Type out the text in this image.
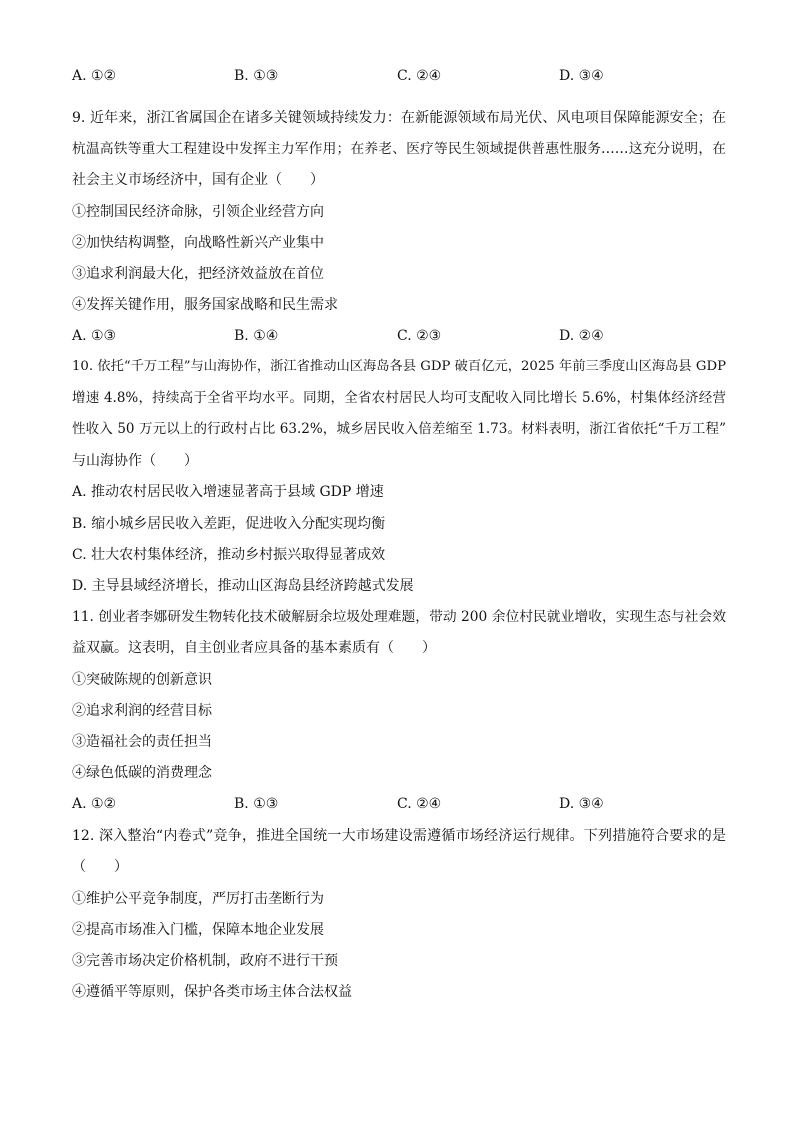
A. ①②	B. ①③	C. ②④	D. ③④
9. 近年来，浙江省属国企在诸多关键领域持续发力：在新能源领域布局光伏、风电项目保障能源安全；在
杭温高铁等重大工程建设中发挥主力军作用；在养老、医疗等民生领域提供普惠性服务……这充分说明，在
社会主义市场经济中，国有企业（　　）
①控制国民经济命脉，引领企业经营方向
②加快结构调整，向战略性新兴产业集中
③追求利润最大化，把经济效益放在首位
④发挥关键作用，服务国家战略和民生需求
A. ①③	B. ①④	C. ②③	D. ②④
10. 依托“千万工程”与山海协作，浙江省推动山区海岛各县 GDP 破百亿元，2025 年前三季度山区海岛县 GDP
增速 4.8%，持续高于全省平均水平。同期，全省农村居民人均可支配收入同比增长 5.6%，村集体经济经营
性收入 50 万元以上的行政村占比 63.2%，城乡居民收入倍差缩至 1.73。材料表明，浙江省依托“千万工程”
与山海协作（　　）
A. 推动农村居民收入增速显著高于县域 GDP 增速
B. 缩小城乡居民收入差距，促进收入分配实现均衡
C. 壮大农村集体经济，推动乡村振兴取得显著成效
D. 主导县域经济增长，推动山区海岛县经济跨越式发展
11. 创业者李娜研发生物转化技术破解厨余垃圾处理难题，带动 200 余位村民就业增收，实现生态与社会效
益双赢。这表明，自主创业者应具备的基本素质有（　　）
①突破陈规的创新意识
②追求利润的经营目标
③造福社会的责任担当
④绿色低碳的消费理念
A. ①②	B. ①③	C. ②④	D. ③④
12. 深入整治“内卷式”竞争，推进全国统一大市场建设需遵循市场经济运行规律。下列措施符合要求的是
（　　）
①维护公平竞争制度，严厉打击垄断行为
②提高市场准入门槛，保障本地企业发展
③完善市场决定价格机制，政府不进行干预
④遵循平等原则，保护各类市场主体合法权益
